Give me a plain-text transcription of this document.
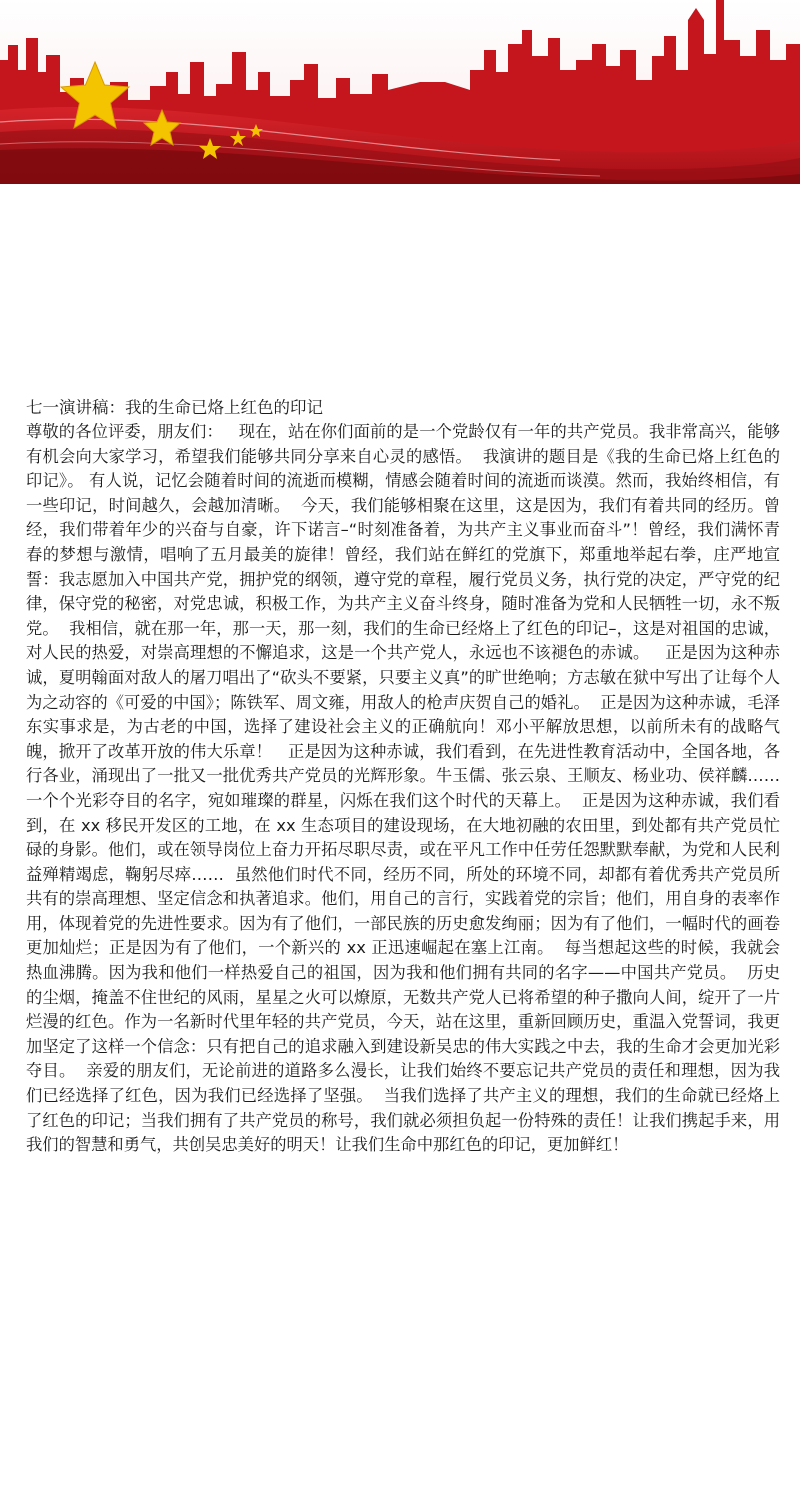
七一演讲稿：我的生命已烙上红色的印记

尊敬的各位评委，朋友们：   现在，站在你们面前的是一个党龄仅有一年的共产党员。我非常高兴，能够有机会向大家学习，希望我们能够共同分享来自心灵的感悟。  我演讲的题目是《我的生命已烙上红色的印记》。 有人说，记忆会随着时间的流逝而模糊，情感会随着时间的流逝而谈漠。然而，我始终相信，有一些印记，时间越久，会越加清晰。  今天，我们能够相聚在这里，这是因为，我们有着共同的经历。曾经，我们带着年少的兴奋与自豪，许下诺言–“时刻准备着，为共产主义事业而奋斗”！曾经，我们满怀青春的梦想与激情，唱响了五月最美的旋律！曾经，我们站在鲜红的党旗下，郑重地举起右拳，庄严地宣誓：我志愿加入中国共产党，拥护党的纲领，遵守党的章程，履行党员义务，执行党的决定，严守党的纪律，保守党的秘密，对党忠诚，积极工作，为共产主义奋斗终身，随时准备为党和人民牺牲一切，永不叛党。  我相信，就在那一年，那一天，那一刻，我们的生命已经烙上了红色的印记–，这是对祖国的忠诚，对人民的热爱，对崇高理想的不懈追求，这是一个共产党人，永远也不该褪色的赤诚。   正是因为这种赤诚，夏明翰面对敌人的屠刀唱出了“砍头不要紧，只要主义真”的旷世绝响；方志敏在狱中写出了让每个人为之动容的《可爱的中国》；陈铁军、周文雍，用敌人的枪声庆贺自己的婚礼。  正是因为这种赤诚，毛泽东实事求是，为古老的中国，选择了建设社会主义的正确航向！邓小平解放思想，以前所未有的战略气魄，掀开了改革开放的伟大乐章！   正是因为这种赤诚，我们看到，在先进性教育活动中，全国各地，各行各业，涌现出了一批又一批优秀共产党员的光辉形象。牛玉儒、张云泉、王顺友、杨业功、侯祥麟……一个个光彩夺目的名字，宛如璀璨的群星，闪烁在我们这个时代的天幕上。  正是因为这种赤诚，我们看到，在 xx 移民开发区的工地，在 xx 生态项目的建设现场，在大地初融的农田里，到处都有共产党员忙碌的身影。他们，或在领导岗位上奋力开拓尽职尽责，或在平凡工作中任劳任怨默默奉献，为党和人民利益殚精竭虑，鞠躬尽瘁……  虽然他们时代不同，经历不同，所处的环境不同，却都有着优秀共产党员所共有的崇高理想、坚定信念和执著追求。他们，用自己的言行，实践着党的宗旨；他们，用自身的表率作用，体现着党的先进性要求。因为有了他们，一部民族的历史愈发绚丽；因为有了他们，一幅时代的画卷更加灿烂；正是因为有了他们，一个新兴的 xx 正迅速崛起在塞上江南。  每当想起这些的时候，我就会热血沸腾。因为我和他们一样热爱自己的祖国，因为我和他们拥有共同的名字——中国共产党员。  历史的尘烟，掩盖不住世纪的风雨，星星之火可以燎原，无数共产党人已将希望的种子撒向人间，绽开了一片烂漫的红色。作为一名新时代里年轻的共产党员，今天，站在这里，重新回顾历史，重温入党誓词，我更加坚定了这样一个信念：只有把自己的追求融入到建设新吴忠的伟大实践之中去，我的生命才会更加光彩夺目。  亲爱的朋友们，无论前进的道路多么漫长，让我们始终不要忘记共产党员的责任和理想，因为我们已经选择了红色，因为我们已经选择了坚强。  当我们选择了共产主义的理想，我们的生命就已经烙上了红色的印记；当我们拥有了共产党员的称号，我们就必须担负起一份特殊的责任！让我们携起手来，用我们的智慧和勇气，共创吴忠美好的明天！让我们生命中那红色的印记，更加鲜红！
